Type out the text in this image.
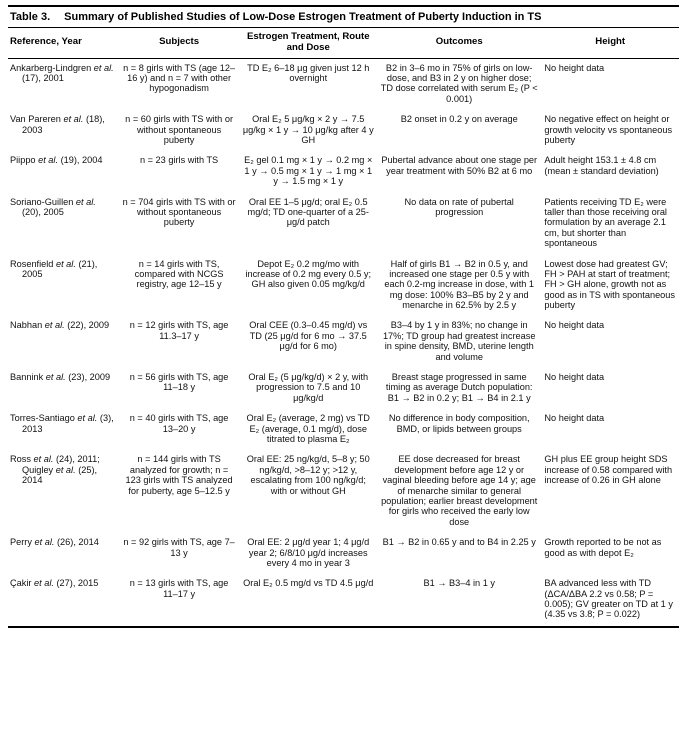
Table 3. Summary of Published Studies of Low-Dose Estrogen Treatment of Puberty Induction in TS
Reference, Year	Subjects	Estrogen Treatment, Route and Dose	Outcomes	Height
Ankarberg-Lindgren et al. (17), 2001	n = 8 girls with TS (age 12–16 y) and n = 7 with other hypogonadism	TD E₂ 6–18 μg given just 12 h overnight	B2 in 3–6 mo in 75% of girls on low-dose, and B3 in 2 y on higher dose; TD dose correlated with serum E₂ (P < 0.001)	No height data
Van Pareren et al. (18), 2003	n = 60 girls with TS with or without spontaneous puberty	Oral E₂ 5 μg/kg × 2 y → 7.5 μg/kg × 1 y → 10 μg/kg after 4 y GH	B2 onset in 0.2 y on average	No negative effect on height or growth velocity vs spontaneous puberty
Piippo et al. (19), 2004	n = 23 girls with TS	E₂ gel 0.1 mg × 1 y → 0.2 mg × 1 y → 0.5 mg × 1 y → 1 mg × 1 y → 1.5 mg × 1 y	Pubertal advance about one stage per year treatment with 50% B2 at 6 mo	Adult height 153.1 ± 4.8 cm (mean ± standard deviation)
Soriano-Guillen et al. (20), 2005	n = 704 girls with TS with or without spontaneous puberty	Oral EE 1–5 μg/d; oral E₂ 0.5 mg/d; TD one-quarter of a 25-μg/d patch	No data on rate of pubertal progression	Patients receiving TD E₂ were taller than those receiving oral formulation by an average 2.1 cm, but shorter than spontaneous
Rosenfield et al. (21), 2005	n = 14 girls with TS, compared with NCGS registry, age 12–15 y	Depot E₂ 0.2 mg/mo with increase of 0.2 mg every 0.5 y; GH also given 0.05 mg/kg/d	Half of girls B1 → B2 in 0.5 y, and increased one stage per 0.5 y with each 0.2-mg increase in dose, with 1 mg dose: 100% B3–B5 by 2 y and menarche in 62.5% by 2.5 y	Lowest dose had greatest GV; FH > PAH at start of treatment; FH > GH alone, growth not as good as in TS with spontaneous puberty
Nabhan et al. (22), 2009	n = 12 girls with TS, age 11.3–17 y	Oral CEE (0.3–0.45 mg/d) vs TD (25 μg/d for 6 mo → 37.5 μg/d for 6 mo)	B3–4 by 1 y in 83%; no change in 17%; TD group had greatest increase in spine density, BMD, uterine length and volume	No height data
Bannink et al. (23), 2009	n = 56 girls with TS, age 11–18 y	Oral E₂ (5 μg/kg/d) × 2 y, with progression to 7.5 and 10 μg/kg/d	Breast stage progressed in same timing as average Dutch population: B1 → B2 in 0.2 y; B1 → B4 in 2.1 y	No height data
Torres-Santiago et al. (3), 2013	n = 40 girls with TS, age 13–20 y	Oral E₂ (average, 2 mg) vs TD E₂ (average, 0.1 mg/d), dose titrated to plasma E₂	No difference in body composition, BMD, or lipids between groups	No height data
Ross et al. (24), 2011; Quigley et al. (25), 2014	n = 144 girls with TS analyzed for growth; n = 123 girls with TS analyzed for puberty, age 5–12.5 y	Oral EE: 25 ng/kg/d, 5–8 y; 50 ng/kg/d, >8–12 y; >12 y, escalating from 100 ng/kg/d; with or without GH	EE dose decreased for breast development before age 12 y or vaginal bleeding before age 14 y; age of menarche similar to general population; earlier breast development for girls who received the early low dose	GH plus EE group height SDS increase of 0.58 compared with increase of 0.26 in GH alone
Perry et al. (26), 2014	n = 92 girls with TS, age 7–13 y	Oral EE: 2 μg/d year 1; 4 μg/d year 2; 6/8/10 μg/d increases every 4 mo in year 3	B1 → B2 in 0.65 y and to B4 in 2.25 y	Growth reported to be not as good as with depot E₂
Çakir et al. (27), 2015	n = 13 girls with TS, age 11–17 y	Oral E₂ 0.5 mg/d vs TD 4.5 μg/d	B1 → B3–4 in 1 y	BA advanced less with TD (ΔCA/ΔBA 2.2 vs 0.58; P = 0.005); GV greater on TD at 1 y (4.35 vs 3.8; P = 0.022)
